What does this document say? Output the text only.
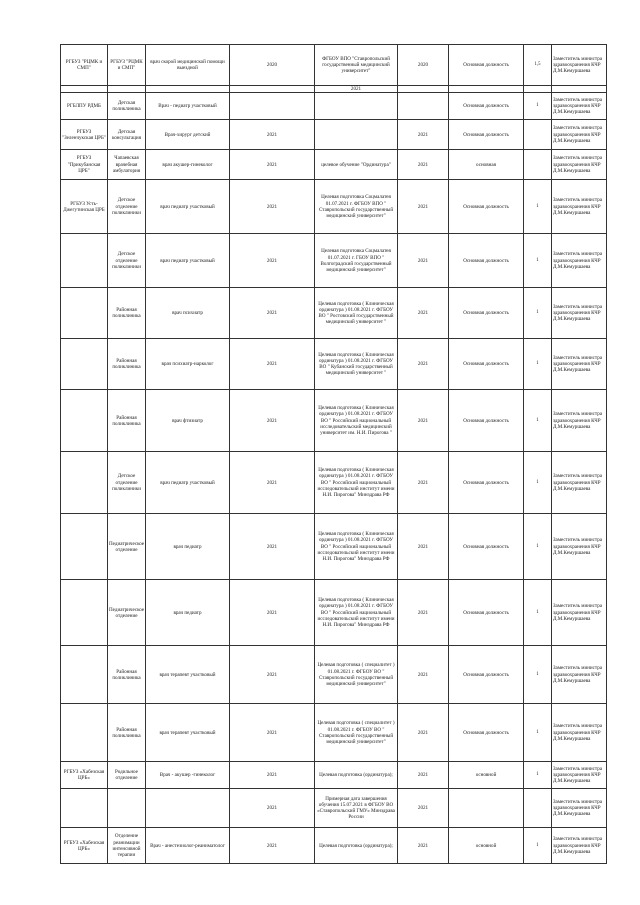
РГБУЗ "РЦМК и СМП"	РГБУЗ "РЦМК и СМП"	врач скорой медицинской помощи выездной	2020	ФГБОУ ВПО "Ставропольский государственный медицинский университет"	2020	Основная должность	1,5	Заместитель министра здравоохранения КЧР Д.М.Кемуршаева
				2021				
РГБЛПУ РДМБ	Детская поликлиника	Врач - педиатр участковый				Основная должность	1	Заместитель министра здравоохранения КЧР Д.М.Кемуршаева
РГБУЗ "Зеленчукская ЦРБ"	Детская консультация	Врач-хирург детский	2021		2021	Основная должность		Заместитель министра здравоохранения КЧР Д.М.Кемуршаева
РГБУЗ "Прикубанская ЦРБ"	Чапаевская врачебная амбулатория	врач акушер-гинеколог	2021	целевое обучение "Ординатура"	2021	основная		Заместитель министра здравоохранения КЧР Д.М.Кемуршаева
РГБУЗ Усть-Джегутинская ЦРБ	Детское отделение поликлиники	врач педиатр участковый	2021	Целевая подготовка Соцмалатея 01.07.2021 г. ФГБОУ ВПО " Ставропольский государственный медицинский университет"	2021	Основная должность	1	Заместитель министра здравоохранения КЧР Д.М.Кемуршаева
	Детское отделение поликлиники	врач педиатр участковый	2021	Целевая подготовка Соцмалатея 01.07.2021 г. ГБОУ ВПО " Волгоградский государственный медицинский университет"	2021	Основная должность	1	Заместитель министра здравоохранения КЧР Д.М.Кемуршаева
	Районная поликлиника	врач психиатр	2021	Целевая подготовка ( Клиническая ординатура ) 01.08.2021 г. ФГБОУ ВО " Ростовский государственный медицинский университет "	2021	Основная должность	1	Заместитель министра здравоохранения КЧР Д.М.Кемуршаева
	Районная поликлиника	врач психиатр-нарколог	2021	Целевая подготовка ( Клиническая ординатура ) 01.08.2021 г. ФГБОУ ВО " Кубанский государственный медицинский университет "	2021	Основная должность	1	Заместитель министра здравоохранения КЧР Д.М.Кемуршаева
	Районная поликлиника	врач фтизиатр	2021	Целевая подготовка ( Клиническая ординатура ) 01.08.2021 г. ФГБОУ ВО " Российский национальный исследовательский медицинский университет им. Н.И. Пирогова "	2021	Основная должность	1	Заместитель министра здравоохранения КЧР Д.М.Кемуршаева
	Детское отделение поликлиники	врач педиатр участковый	2021	Целевая подготовка ( Клиническая ординатура ) 01.08.2021 г. ФГБОУ ВО " Российский национальный исследовательский институт имени Н.И. Пирогова" Минздрава РФ	2021	Основная должность	1	Заместитель министра здравоохранения КЧР Д.М.Кемуршаева
	Педиатрическое отделение	врач педиатр	2021	Целевая подготовка ( Клиническая ординатура ) 01.08.2021 г. ФГБОУ ВО " Российский национальный исследовательский институт имени Н.И. Пирогова" Минздрава РФ	2021	Основная должность	1	Заместитель министра здравоохранения КЧР Д.М.Кемуршаева
	Педиатрическое отделение	врач педиатр	2021	Целевая подготовка ( Клиническая ординатура ) 01.08.2021 г. ФГБОУ ВО " Российский национальный исследовательский институт имени Н.И. Пирогова" Минздрава РФ	2021	Основная должность	1	Заместитель министра здравоохранения КЧР Д.М.Кемуршаева
	Районная поликлиника	врач терапевт участковый	2021	Целевая подготовка ( специалитет ) 01.08.2021 г. ФГБОУ ВО " Ставропольский государственный медицинский университет"	2021	Основная должность	1	Заместитель министра здравоохранения КЧР Д.М.Кемуршаева
	Районная поликлиника	врач терапевт участковый	2021	Целевая подготовка ( специалитет ) 01.08.2021 г. ФГБОУ ВО " Ставропольский государственный медицинский университет"	2021	Основная должность	1	Заместитель министра здравоохранения КЧР Д.М.Кемуршаева
РГБУЗ «Хабезская ЦРБ»	Родильное отделение	Врач - акушер -гинеколог	2021	Целевая подготовка (ординатура);	2021	основной	1	Заместитель министра здравоохранения КЧР Д.М.Кемуршаева
			2021	Примерная дата завершения обучения 15.07.2021 в ФГБОУ ВО «Ставропольский ГМУ» Минздрава России	2021			Заместитель министра здравоохранения КЧР Д.М.Кемуршаева
РГБУЗ «Хабезская ЦРБ»	Отделение реанимации интенсивной терапии	Врач - анестезиолог-реаниматолог	2021	Целевая подготовка (ординатура);	2021	основной	1	Заместитель министра здравоохранения КЧР Д.М.Кемуршаева
